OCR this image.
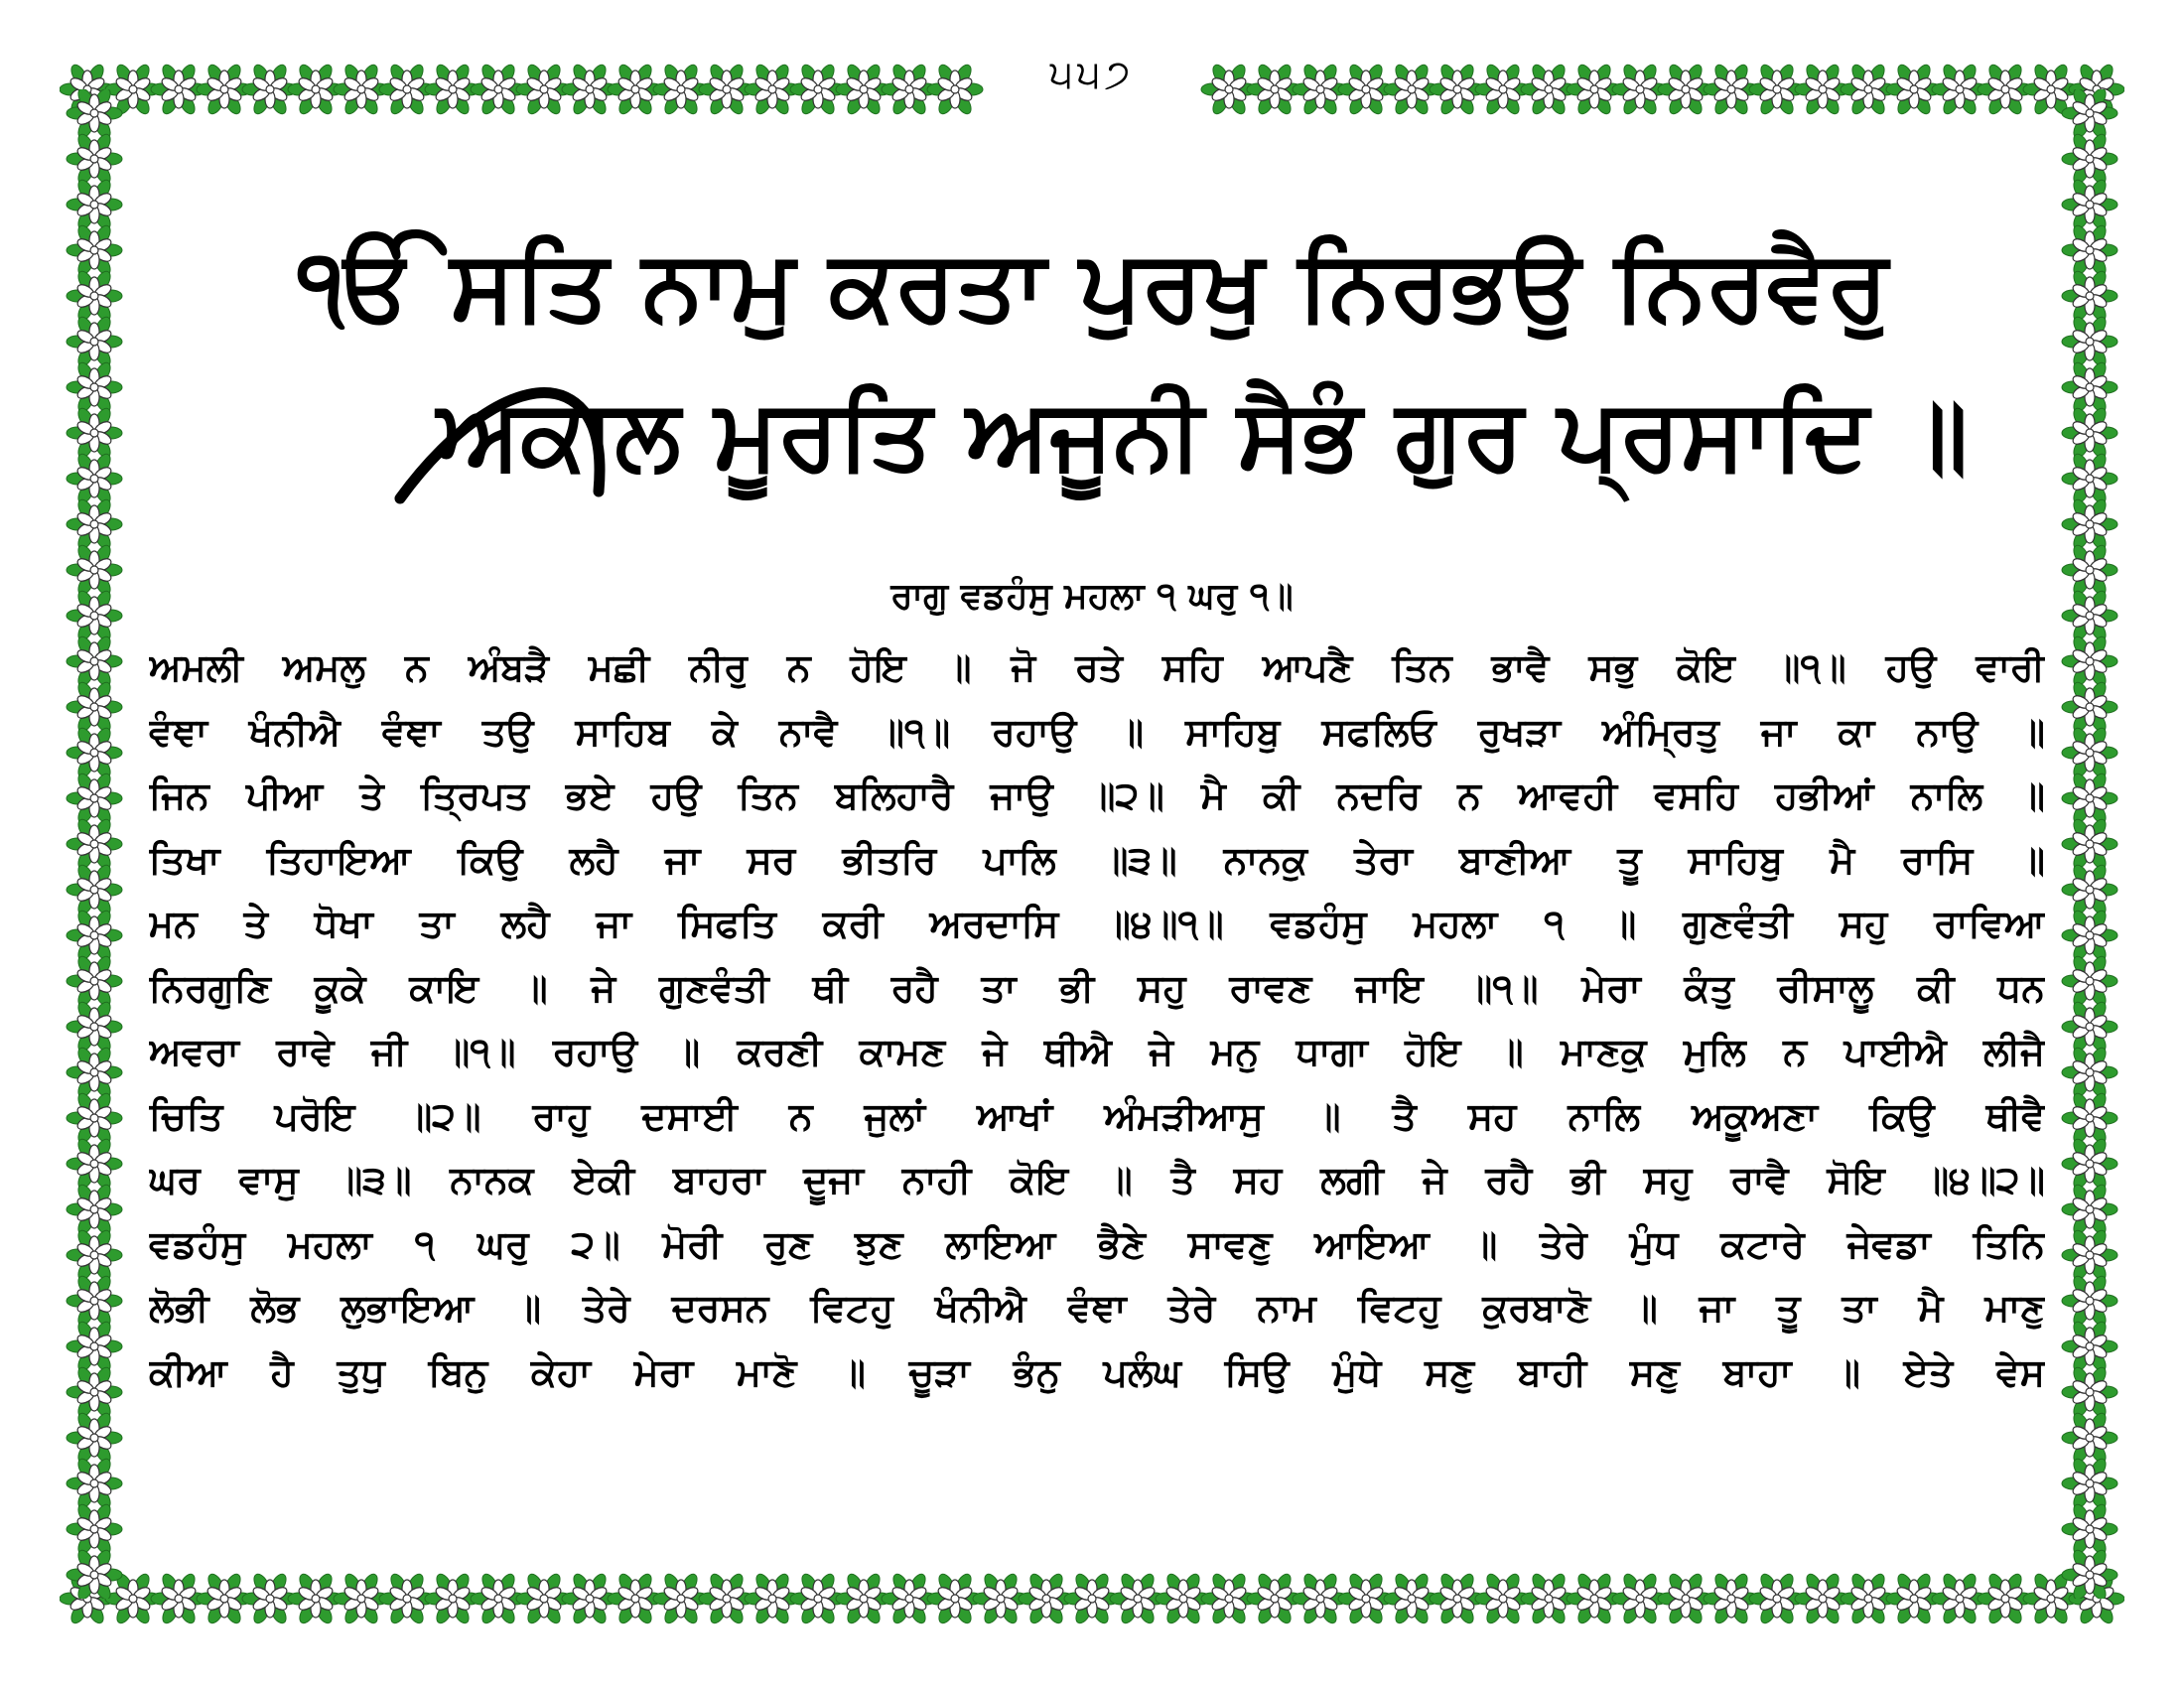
੫੫੭
ੴ ਸਤਿ ਨਾਮੁ ਕਰਤਾ ਪੁਰਖੁ ਨਿਰਭਉ ਨਿਰਵੈਰੁ
ਅਕਾਲ ਮੂਰਤਿ ਅਜੂਨੀ ਸੈਭੰ ਗੁਰ ਪ੍ਰਸਾਦਿ ॥
ਰਾਗੁ ਵਡਹੰਸੁ ਮਹਲਾ ੧ ਘਰੁ ੧॥
ਅਮਲੀ ਅਮਲੁ ਨ ਅੰਬੜੈ ਮਛੀ ਨੀਰੁ ਨ ਹੋਇ ॥ ਜੋ ਰਤੇ ਸਹਿ ਆਪਣੈ ਤਿਨ ਭਾਵੈ ਸਭੁ ਕੋਇ ॥੧॥ ਹਉ ਵਾਰੀ
ਵੰਞਾ ਖੰਨੀਐ ਵੰਞਾ ਤਉ ਸਾਹਿਬ ਕੇ ਨਾਵੈ ॥੧॥ ਰਹਾਉ ॥ ਸਾਹਿਬੁ ਸਫਲਿਓ ਰੁਖੜਾ ਅੰਮ੍ਰਿਤੁ ਜਾ ਕਾ ਨਾਉ ॥
ਜਿਨ ਪੀਆ ਤੇ ਤ੍ਰਿਪਤ ਭਏ ਹਉ ਤਿਨ ਬਲਿਹਾਰੈ ਜਾਉ ॥੨॥ ਮੈ ਕੀ ਨਦਰਿ ਨ ਆਵਹੀ ਵਸਹਿ ਹਭੀਆਂ ਨਾਲਿ ॥
ਤਿਖਾ ਤਿਹਾਇਆ ਕਿਉ ਲਹੈ ਜਾ ਸਰ ਭੀਤਰਿ ਪਾਲਿ ॥੩॥ ਨਾਨਕੁ ਤੇਰਾ ਬਾਣੀਆ ਤੂ ਸਾਹਿਬੁ ਮੈ ਰਾਸਿ ॥
ਮਨ ਤੇ ਧੋਖਾ ਤਾ ਲਹੈ ਜਾ ਸਿਫਤਿ ਕਰੀ ਅਰਦਾਸਿ ॥੪॥੧॥ ਵਡਹੰਸੁ ਮਹਲਾ ੧ ॥ ਗੁਣਵੰਤੀ ਸਹੁ ਰਾਵਿਆ
ਨਿਰਗੁਣਿ ਕੂਕੇ ਕਾਇ ॥ ਜੇ ਗੁਣਵੰਤੀ ਥੀ ਰਹੈ ਤਾ ਭੀ ਸਹੁ ਰਾਵਣ ਜਾਇ ॥੧॥ ਮੇਰਾ ਕੰਤੁ ਰੀਸਾਲੂ ਕੀ ਧਨ
ਅਵਰਾ ਰਾਵੇ ਜੀ ॥੧॥ ਰਹਾਉ ॥ ਕਰਣੀ ਕਾਮਣ ਜੇ ਥੀਐ ਜੇ ਮਨੁ ਧਾਗਾ ਹੋਇ ॥ ਮਾਣਕੁ ਮੁਲਿ ਨ ਪਾਈਐ ਲੀਜੈ
ਚਿਤਿ ਪਰੋਇ ॥੨॥ ਰਾਹੁ ਦਸਾਈ ਨ ਜੁਲਾਂ ਆਖਾਂ ਅੰਮੜੀਆਸੁ ॥ ਤੈ ਸਹ ਨਾਲਿ ਅਕੂਅਣਾ ਕਿਉ ਥੀਵੈ
ਘਰ ਵਾਸੁ ॥੩॥ ਨਾਨਕ ਏਕੀ ਬਾਹਰਾ ਦੂਜਾ ਨਾਹੀ ਕੋਇ ॥ ਤੈ ਸਹ ਲਗੀ ਜੇ ਰਹੈ ਭੀ ਸਹੁ ਰਾਵੈ ਸੋਇ ॥੪॥੨॥
ਵਡਹੰਸੁ ਮਹਲਾ ੧ ਘਰੁ ੨॥ ਮੋਰੀ ਰੁਣ ਝੁਣ ਲਾਇਆ ਭੈਣੇ ਸਾਵਣੁ ਆਇਆ ॥ ਤੇਰੇ ਮੁੰਧ ਕਟਾਰੇ ਜੇਵਡਾ ਤਿਨਿ
ਲੋਭੀ ਲੋਭ ਲੁਭਾਇਆ ॥ ਤੇਰੇ ਦਰਸਨ ਵਿਟਹੁ ਖੰਨੀਐ ਵੰਞਾ ਤੇਰੇ ਨਾਮ ਵਿਟਹੁ ਕੁਰਬਾਣੋ ॥ ਜਾ ਤੂ ਤਾ ਮੈ ਮਾਣੁ
ਕੀਆ ਹੈ ਤੁਧੁ ਬਿਨੁ ਕੇਹਾ ਮੇਰਾ ਮਾਣੋ ॥ ਚੂੜਾ ਭੰਨੁ ਪਲੰਘ ਸਿਉ ਮੁੰਧੇ ਸਣੁ ਬਾਹੀ ਸਣੁ ਬਾਹਾ ॥ ਏਤੇ ਵੇਸ
